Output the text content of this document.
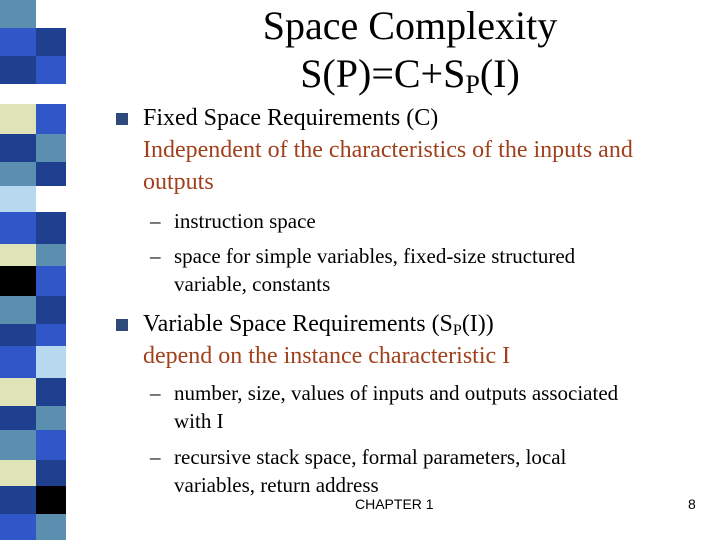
Space Complexity
$S(P)=C+S_P(I)$
Fixed Space Requirements (C)
Independent of the characteristics of the inputs and
outputs
– instruction space
– space for simple variables, fixed-size structured
variable, constants
Variable Space Requirements $(S_P(I))$
depend on the instance characteristic I
– number, size, values of inputs and outputs associated
with I
– recursive stack space, formal parameters, local
variables, return address
CHAPTER 1	8
